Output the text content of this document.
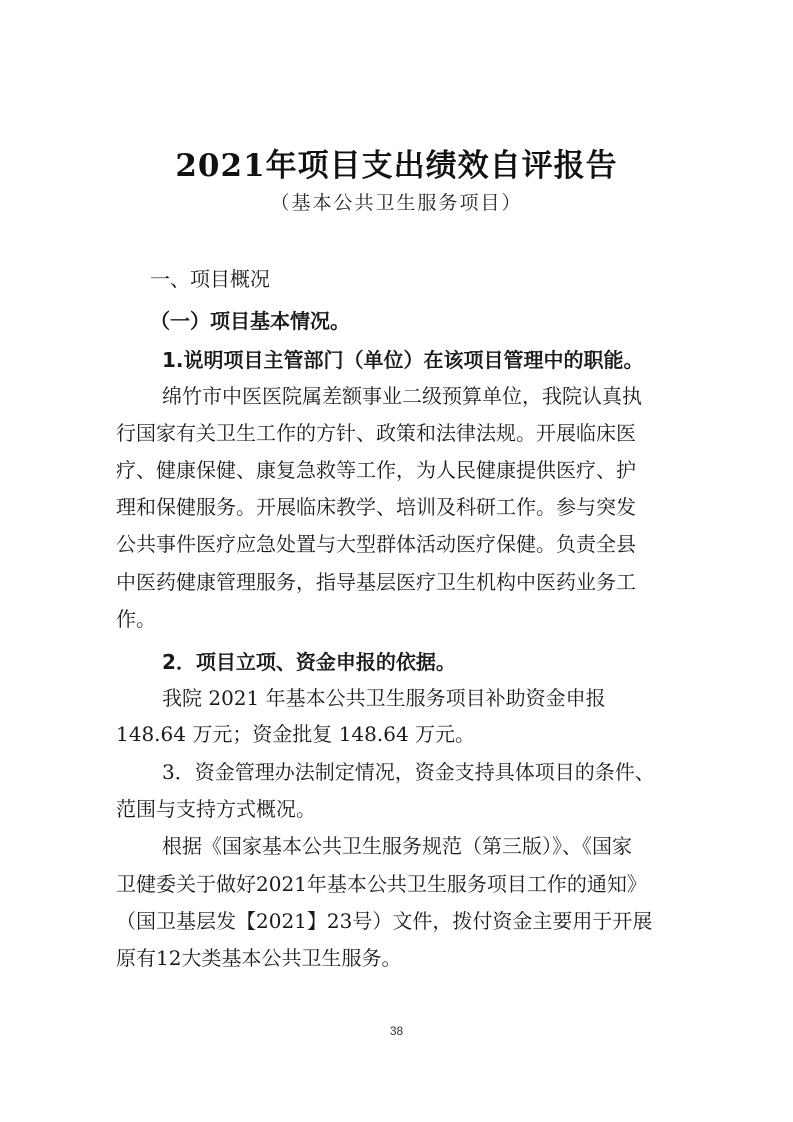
2021年项目支出绩效自评报告
（基本公共卫生服务项目）
一、项目概况
（一）项目基本情况。
1.说明项目主管部门（单位）在该项目管理中的职能。
绵竹市中医医院属差额事业二级预算单位，我院认真执
行国家有关卫生工作的方针、政策和法律法规。开展临床医
疗、健康保健、康复急救等工作，为人民健康提供医疗、护
理和保健服务。开展临床教学、培训及科研工作。参与突发
公共事件医疗应急处置与大型群体活动医疗保健。负责全县
中医药健康管理服务，指导基层医疗卫生机构中医药业务工
作。
2．项目立项、资金申报的依据。
我院 2021 年基本公共卫生服务项目补助资金申报
148.64 万元；资金批复 148.64 万元。
3．资金管理办法制定情况，资金支持具体项目的条件、
范围与支持方式概况。
根据《国家基本公共卫生服务规范（第三版）》、《国家
卫健委关于做好2021年基本公共卫生服务项目工作的通知》
（国卫基层发【2021】23号）文件，拨付资金主要用于开展
原有12大类基本公共卫生服务。
38
